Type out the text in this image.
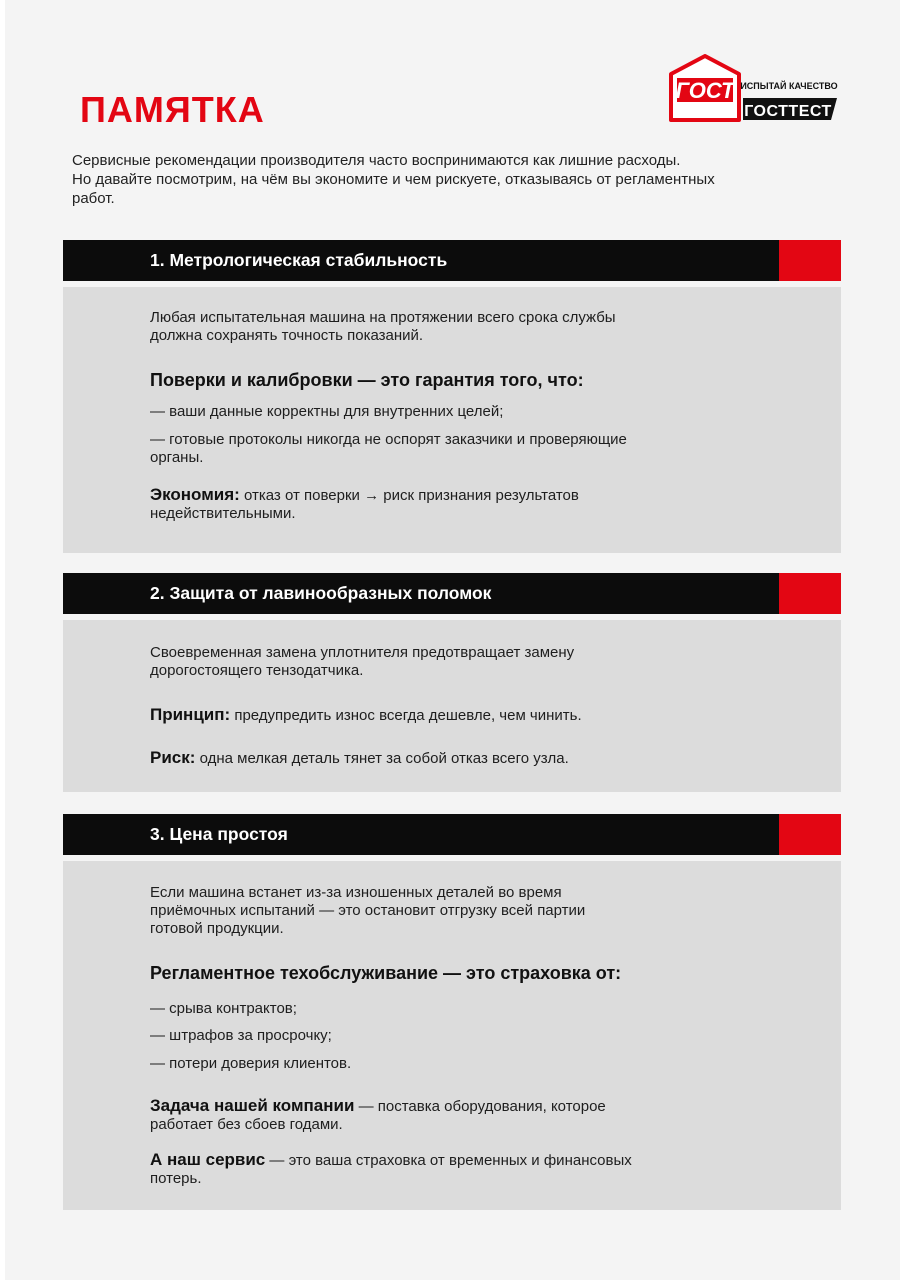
ПАМЯТКА	ГОСТ ИСПЫТАЙ КАЧЕСТВО
ГОСТТЕСТ
Сервисные рекомендации производителя часто воспринимаются как лишние расходы.
Но давайте посмотрим, на чём вы экономите и чем рискуете, отказываясь от регламентных
работ.
1. Метрологическая стабильность

Любая испытательная машина на протяжении всего срока службы
должна сохранять точность показаний.

Поверки и калибровки — это гарантия того, что:

— ваши данные корректны для внутренних целей;

— готовые протоколы никогда не оспорят заказчики и проверяющие
органы.

Экономия: отказ от поверки → риск признания результатов
недействительными.

2. Защита от лавинообразных поломок

Своевременная замена уплотнителя предотвращает замену
дорогостоящего тензодатчика.

Принцип: предупредить износ всегда дешевле, чем чинить.

Риск: одна мелкая деталь тянет за собой отказ всего узла.

3. Цена простоя

Если машина встанет из-за изношенных деталей во время
приёмочных испытаний — это остановит отгрузку всей партии
готовой продукции.

Регламентное техобслуживание — это страховка от:

— срыва контрактов;

— штрафов за просрочку;

— потери доверия клиентов.

Задача нашей компании — поставка оборудования, которое
работает без сбоев годами.

А наш сервис — это ваша страховка от временных и финансовых
потерь.
